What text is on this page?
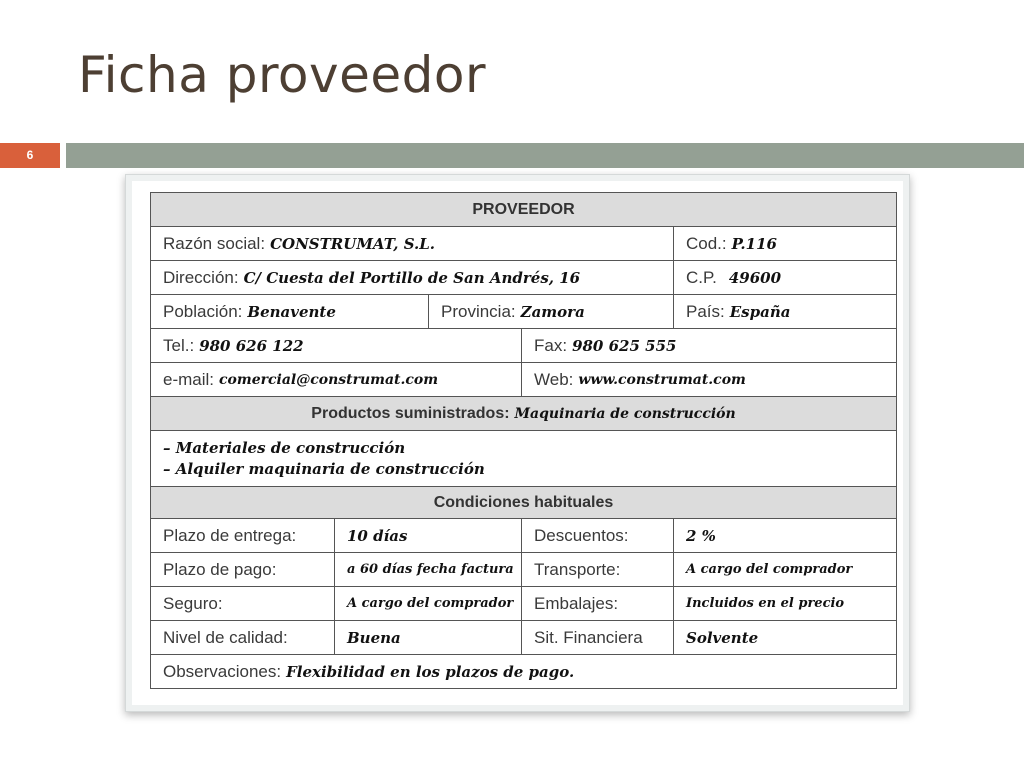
Ficha proveedor
6
PROVEEDOR
Razón social: CONSTRUMAT, S.L.	Cod.: P.116
Dirección: C/ Cuesta del Portillo de San Andrés, 16	C.P. 49600
Población: Benavente	Provincia: Zamora	País: España
Tel.: 980 626 122	Fax: 980 625 555
e-mail: comercial@construmat.com	Web: www.construmat.com
Productos suministrados: Maquinaria de construcción
– Materiales de construcción
– Alquiler maquinaria de construcción
Condiciones habituales
Plazo de entrega:	10 días	Descuentos:	2 %
Plazo de pago:	a 60 días fecha factura	Transporte:	A cargo del comprador
Seguro:	A cargo del comprador	Embalajes:	Incluidos en el precio
Nivel de calidad:	Buena	Sit. Financiera	Solvente
Observaciones: Flexibilidad en los plazos de pago.
